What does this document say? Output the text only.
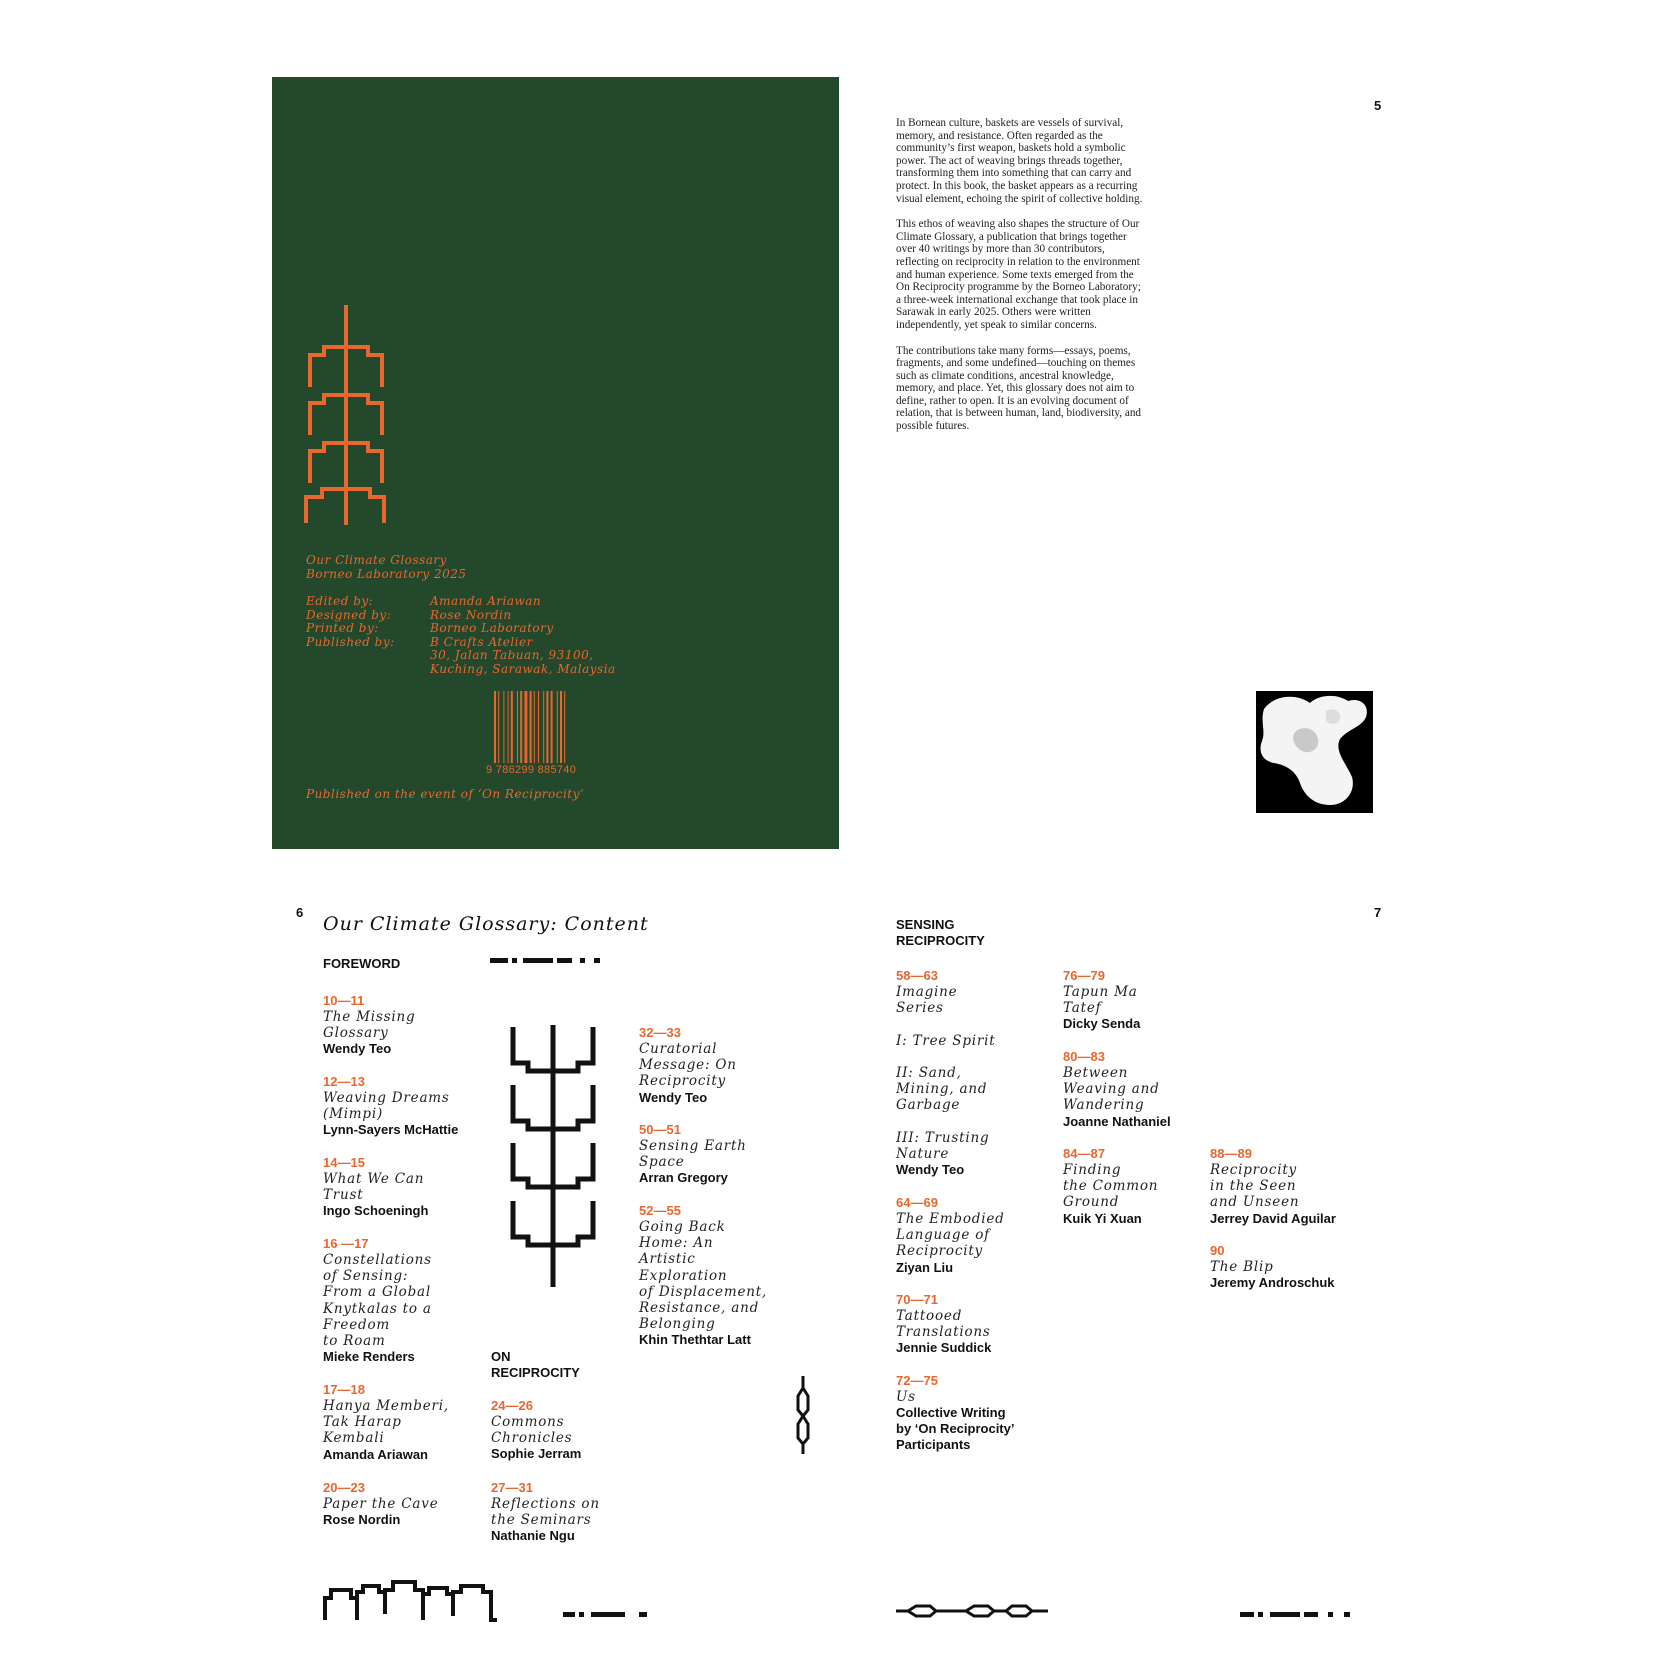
Our Climate Glossary
Borneo Laboratory 2025
Edited by:	Amanda Ariawan
Designed by:	Rose Nordin
Printed by:	Borneo Laboratory
Published by:	B Crafts Atelier
30, Jalan Tabuan, 93100,
Kuching, Sarawak, Malaysia
9 786299 885740
Published on the event of ‘On Reciprocity’
5

In Bornean culture, baskets are vessels of survival, memory, and resistance. Often regarded as the community’s first weapon, baskets hold a symbolic power. The act of weaving brings threads together, transforming them into something that can carry and protect. In this book, the basket appears as a recurring visual element, echoing the spirit of collective holding.

This ethos of weaving also shapes the structure of Our Climate Glossary, a publication that brings together over 40 writings by more than 30 contributors, reflecting on reciprocity in relation to the environment and human experience. Some texts emerged from the On Reciprocity programme by the Borneo Laboratory; a three-week international exchange that took place in Sarawak in early 2025. Others were written independently, yet speak to similar concerns.

The contributions take many forms—essays, poems, fragments, and some undefined—touching on themes such as climate conditions, ancestral knowledge, memory, and place. Yet, this glossary does not aim to define, rather to open. It is an evolving document of relation, that is between human, land, biodiversity, and possible futures.

6
Our Climate Glossary: Content
FOREWORD
10—11
The Missing
Glossary
Wendy Teo
12—13
Weaving Dreams
(Mimpi)
Lynn-Sayers McHattie
14—15
What We Can
Trust
Ingo Schoeningh
16 —17
Constellations
of Sensing:
From a Global
Knytkalas to a
Freedom
to Roam
Mieke Renders
17—18
Hanya Memberi,
Tak Harap
Kembali
Amanda Ariawan
20—23
Paper the Cave
Rose Nordin
ON
RECIPROCITY
24—26
Commons
Chronicles
Sophie Jerram
27—31
Reflections on
the Seminars
Nathanie Ngu
32—33
Curatorial
Message: On
Reciprocity
Wendy Teo
50—51
Sensing Earth
Space
Arran Gregory
52—55
Going Back
Home: An
Artistic
Exploration
of Displacement,
Resistance, and
Belonging
Khin Thethtar Latt
7
SENSING
RECIPROCITY
58—63
Imagine
Series
I: Tree Spirit
II: Sand,
Mining, and
Garbage
III: Trusting
Nature
Wendy Teo
64—69
The Embodied
Language of
Reciprocity
Ziyan Liu
70—71
Tattooed
Translations
Jennie Suddick
72—75
Us
Collective Writing
by ‘On Reciprocity’
Participants
76—79
Tapun Ma
Tatef
Dicky Senda
80—83
Between
Weaving and
Wandering
Joanne Nathaniel
84—87
Finding
the Common
Ground
Kuik Yi Xuan
88—89
Reciprocity
in the Seen
and Unseen
Jerrey David Aguilar
90
The Blip
Jeremy Androschuk
